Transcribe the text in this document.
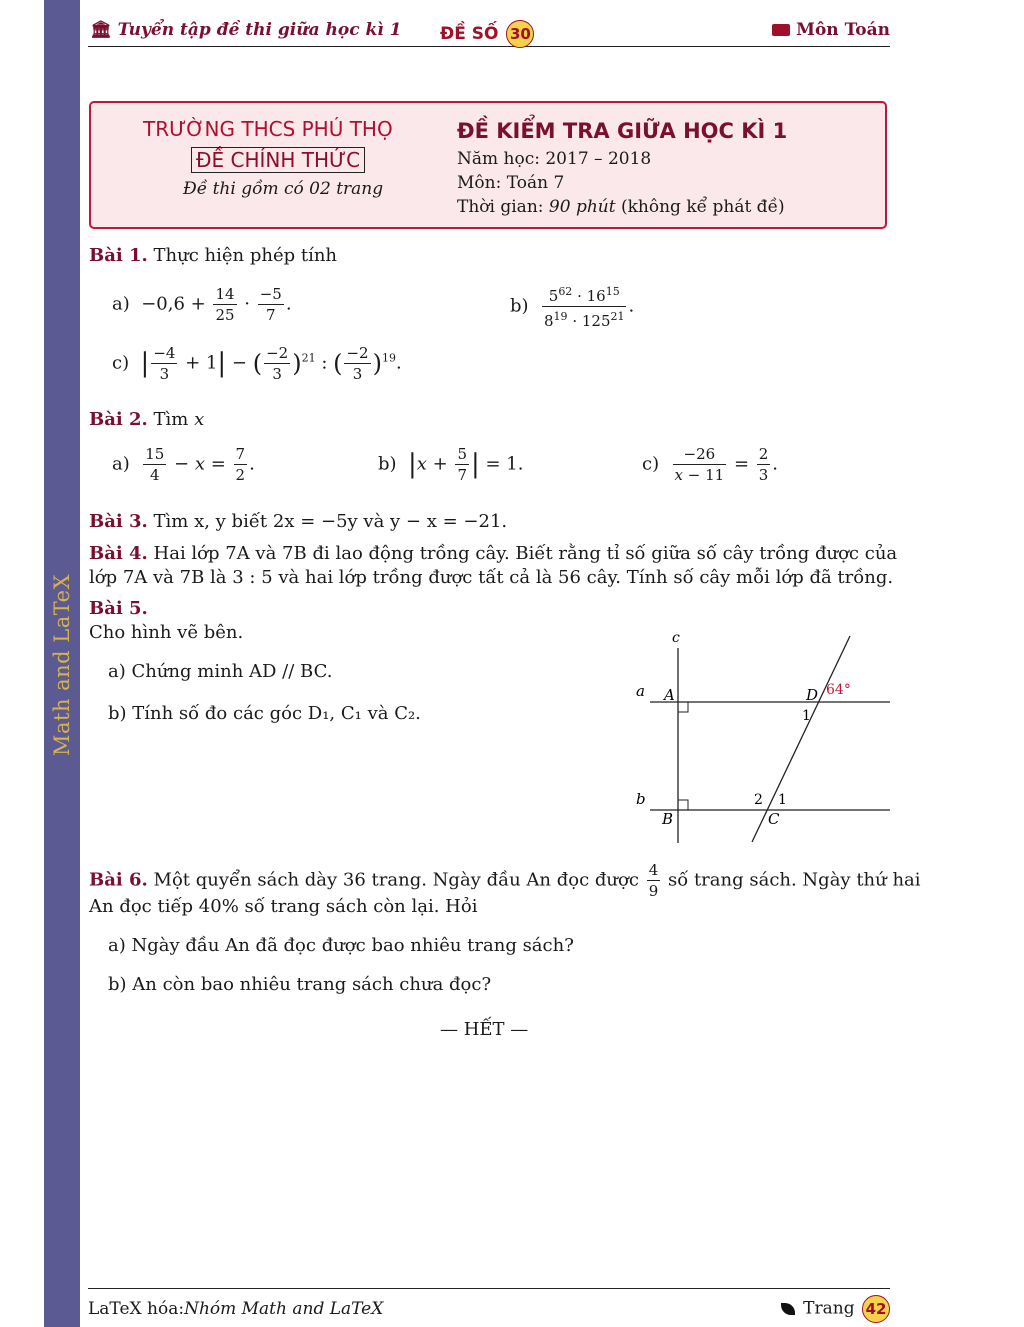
Math and LaTeX
🏛 Tuyển tập đề thi giữa học kì 1 ĐỀ SỐ 30	Môn Toán
TRƯỜNG THCS PHÚ THỌ
ĐỀ CHÍNH THỨC
Đề thi gồm có 02 trang
ĐỀ KIỂM TRA GIỮA HỌC KÌ 1
Năm học: 2017 – 2018
Môn: Toán 7
Thời gian: 90 phút (không kể phát đề)
Bài 1. Thực hiện phép tính
$a) -0,6 + \frac{14}{25} \cdot \frac{-5}{7}$ .	$b) \frac{5^{62} \cdot 16^{15}}{8^{19} \cdot 125^{21}}$ .
c)  | $\frac{-4}{3} + 1|$ − ( $\frac{-2}{3} )^{21}$ : ( $\frac{-2}{3} )^{19}$.
Bài 2. Tìm x
$a) \frac{15}{4} - x = \frac{7}{2}$ .	b)  $|x + \frac{5}{7}$ | = 1.	$c) \frac{-26}{x - 11} = \frac{2}{3}$ .
Bài 3. Tìm x, y biết 2x = −5y và y − x = −21.
Bài 4. Hai lớp 7A và 7B đi lao động trồng cây. Biết rằng tỉ số giữa số cây trồng được của
lớp 7A và 7B là 3 : 5 và hai lớp trồng được tất cả là 56 cây. Tính số cây mỗi lớp đã trồng.
Bài 5.
Cho hình vẽ bên.
a) Chứng minh AD // BC.
b) Tính số đo các góc D₁, C₁ và C₂.
c
a
b
A
B	C
D 64°
1
2 1
Bài 6. Một quyển sách dày 36 trang. Ngày đầu An đọc được $\frac{4}{9}$ số trang sách. Ngày thứ hai
An đọc tiếp 40% số trang sách còn lại. Hỏi
a) Ngày đầu An đã đọc được bao nhiêu trang sách?
b) An còn bao nhiêu trang sách chưa đọc?
— HẾT —
LaTeX hóa:Nhóm Math and LaTeX	Trang 42
